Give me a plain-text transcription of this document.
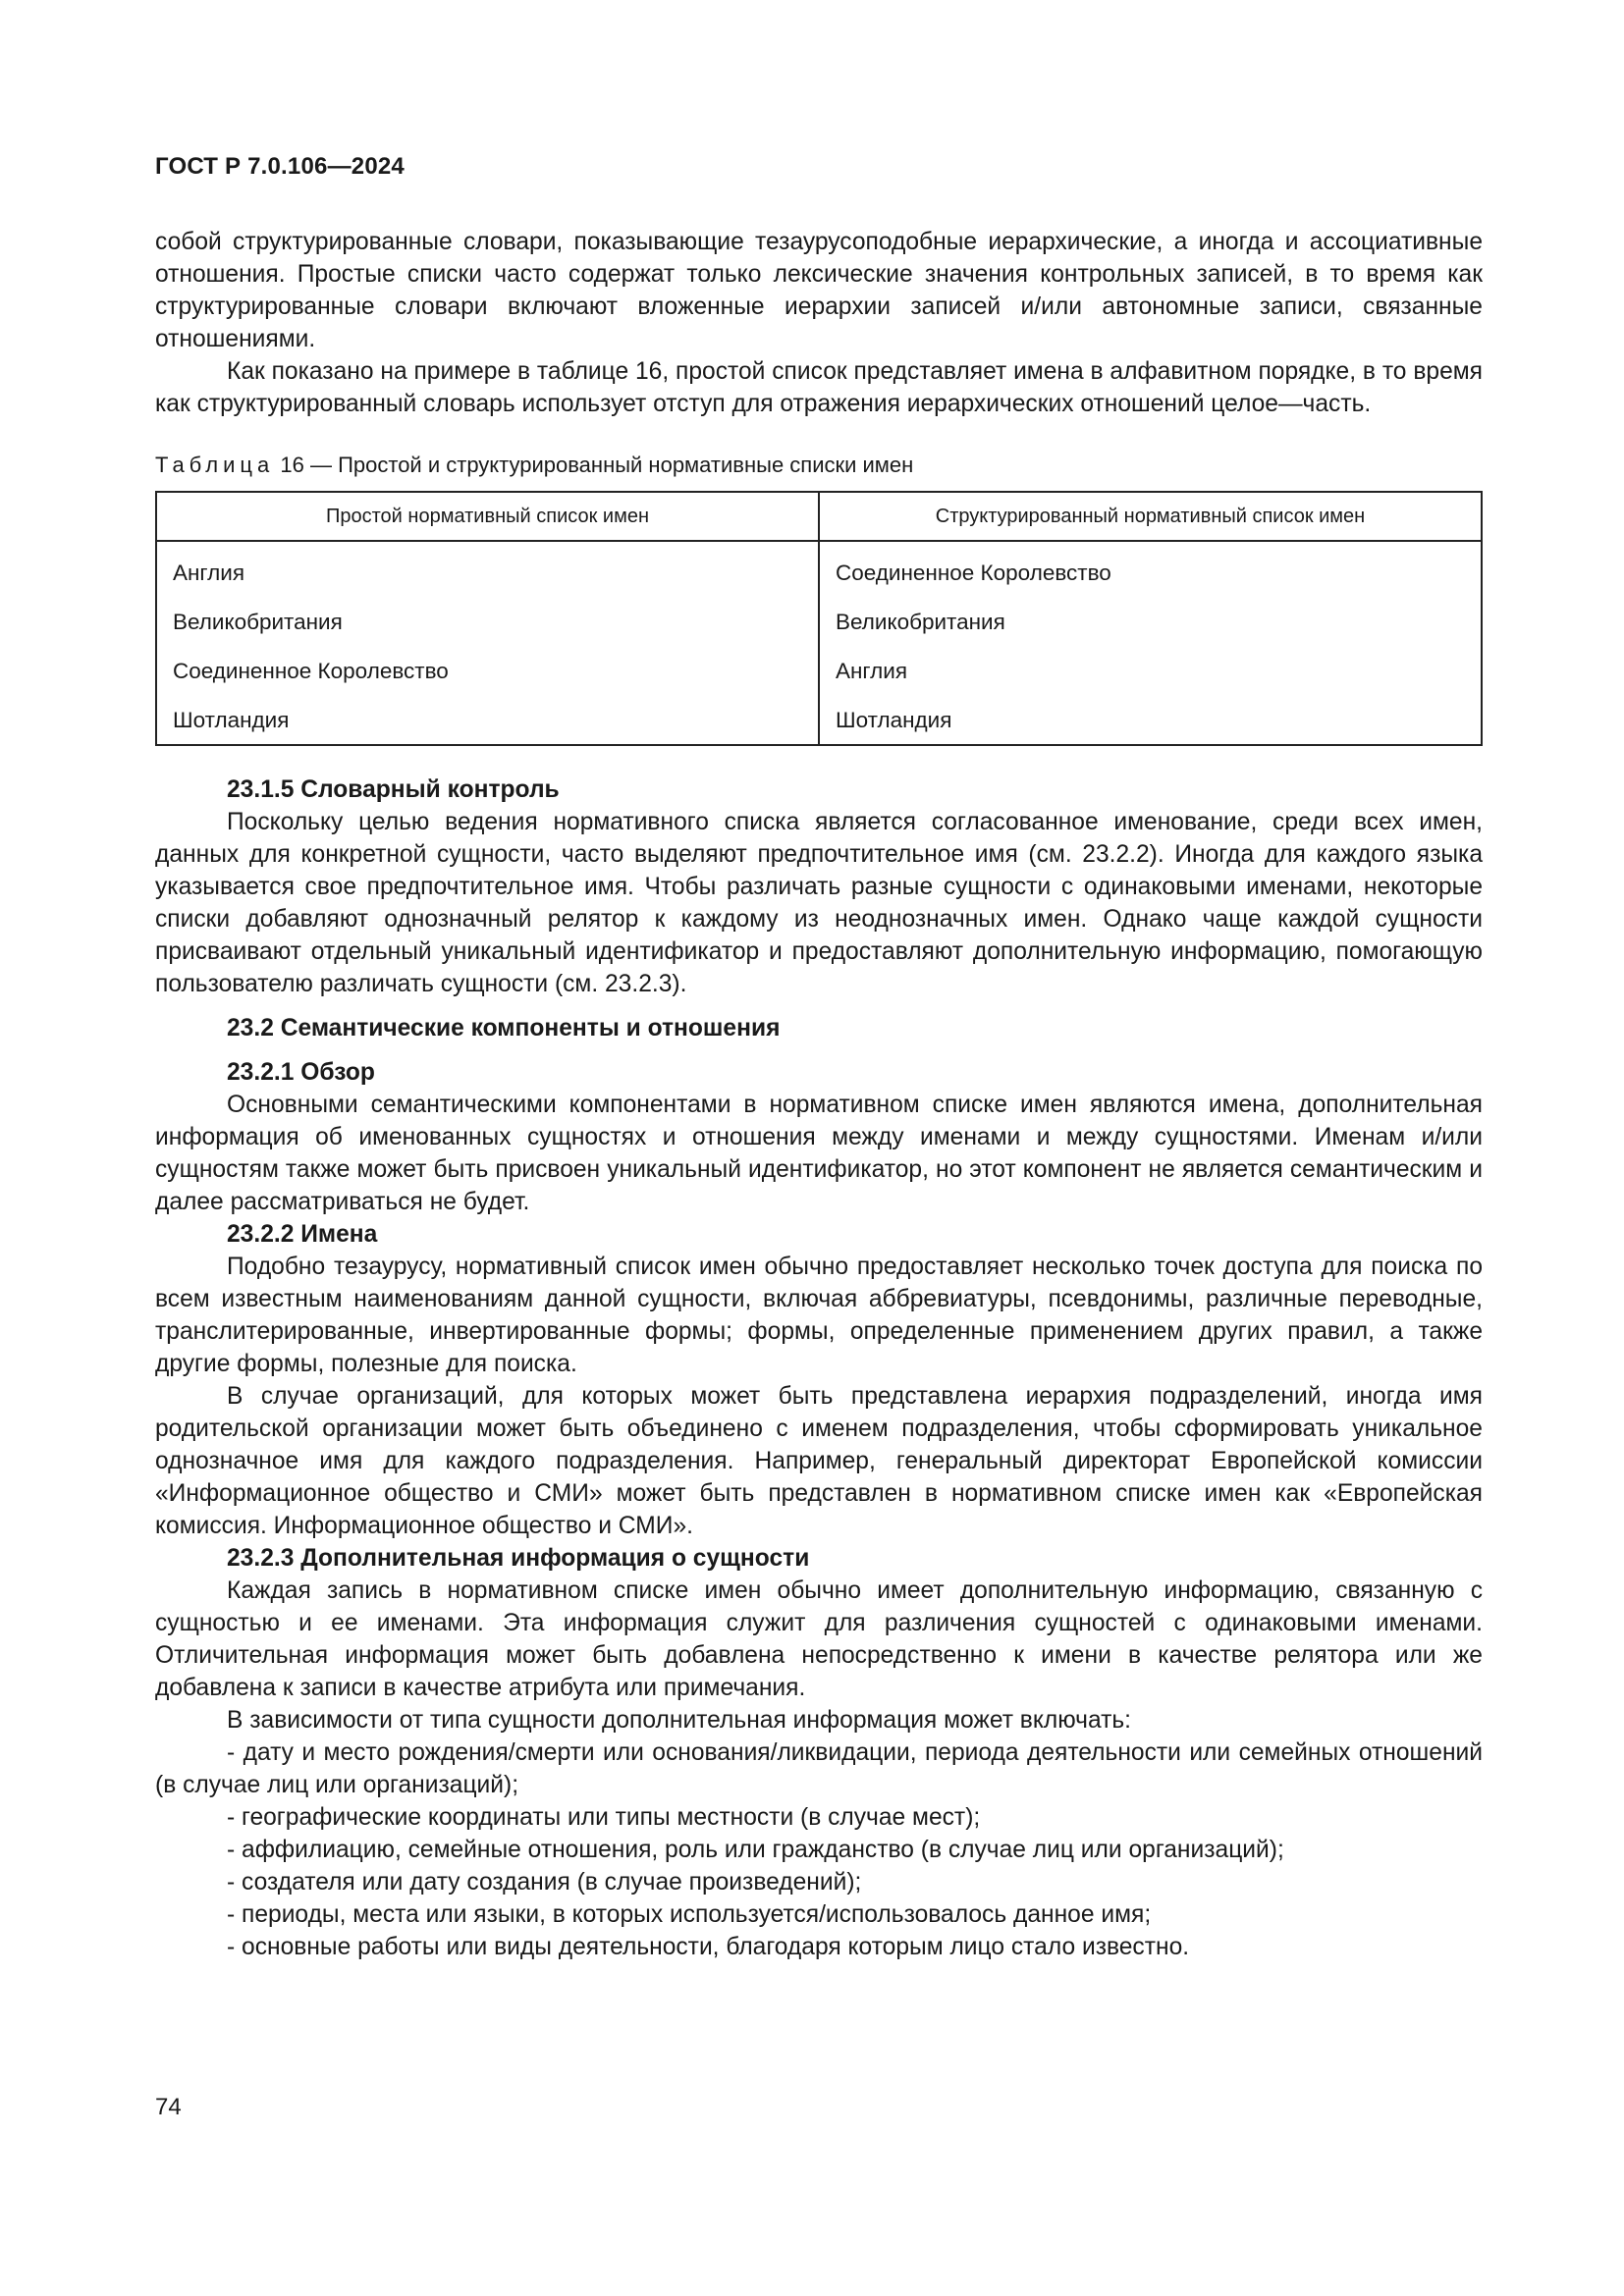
ГОСТ Р 7.0.106—2024

собой структурированные словари, показывающие тезаурусоподобные иерархические, а иногда и ассоциативные отношения. Простые списки часто содержат только лексические значения контрольных записей, в то время как структурированные словари включают вложенные иерархии записей и/или автономные записи, связанные отношениями.

Как показано на примере в таблице 16, простой список представляет имена в алфавитном порядке, в то время как структурированный словарь использует отступ для отражения иерархических отношений целое—часть.

Таблица 16 — Простой и структурированный нормативные списки имен
Простой нормативный список имен	Структурированный нормативный список имен
Англия	Соединенное Королевство
Великобритания	Великобритания
Соединенное Королевство	Англия
Шотландия	Шотландия

23.1.5 Словарный контроль

Поскольку целью ведения нормативного списка является согласованное именование, среди всех имен, данных для конкретной сущности, часто выделяют предпочтительное имя (см. 23.2.2). Иногда для каждого языка указывается свое предпочтительное имя. Чтобы различать разные сущности с одинаковыми именами, некоторые списки добавляют однозначный релятор к каждому из неоднозначных имен. Однако чаще каждой сущности присваивают отдельный уникальный идентификатор и предоставляют дополнительную информацию, помогающую пользователю различать сущности (см. 23.2.3).

23.2 Семантические компоненты и отношения

23.2.1 Обзор

Основными семантическими компонентами в нормативном списке имен являются имена, дополнительная информация об именованных сущностях и отношения между именами и между сущностями. Именам и/или сущностям также может быть присвоен уникальный идентификатор, но этот компонент не является семантическим и далее рассматриваться не будет.

23.2.2 Имена

Подобно тезаурусу, нормативный список имен обычно предоставляет несколько точек доступа для поиска по всем известным наименованиям данной сущности, включая аббревиатуры, псевдонимы, различные переводные, транслитерированные, инвертированные формы; формы, определенные применением других правил, а также другие формы, полезные для поиска.

В случае организаций, для которых может быть представлена иерархия подразделений, иногда имя родительской организации может быть объединено с именем подразделения, чтобы сформировать уникальное однозначное имя для каждого подразделения. Например, генеральный директорат Европейской комиссии «Информационное общество и СМИ» может быть представлен в нормативном списке имен как «Европейская комиссия. Информационное общество и СМИ».

23.2.3 Дополнительная информация о сущности

Каждая запись в нормативном списке имен обычно имеет дополнительную информацию, связанную с сущностью и ее именами. Эта информация служит для различения сущностей с одинаковыми именами. Отличительная информация может быть добавлена непосредственно к имени в качестве релятора или же добавлена к записи в качестве атрибута или примечания.

В зависимости от типа сущности дополнительная информация может включать:

- дату и место рождения/смерти или основания/ликвидации, периода деятельности или семейных отношений (в случае лиц или организаций);

- географические координаты или типы местности (в случае мест);

- аффилиацию, семейные отношения, роль или гражданство (в случае лиц или организаций);

- создателя или дату создания (в случае произведений);

- периоды, места или языки, в которых используется/использовалось данное имя;

- основные работы или виды деятельности, благодаря которым лицо стало известно.

74
